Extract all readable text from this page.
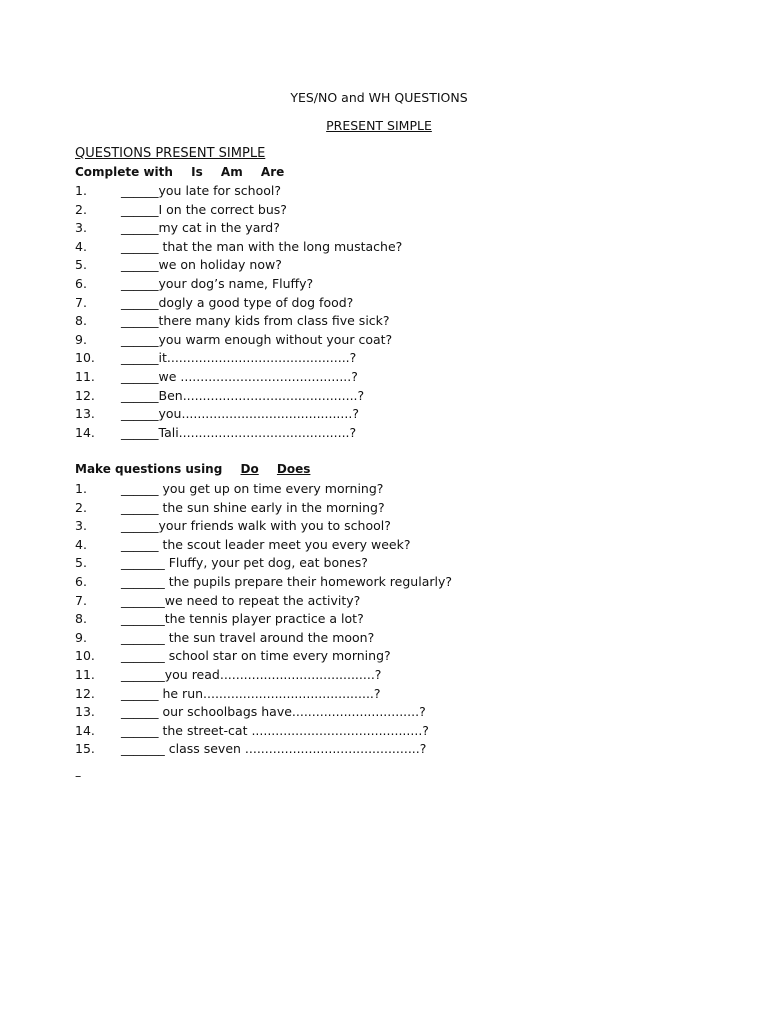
YES/NO and WH QUESTIONS
PRESENT SIMPLE
QUESTIONS PRESENT SIMPLE
Complete with Is Am Are
1.	______you late for school?
2.	______I on the correct bus?
3.	______my cat in the yard?
4.	______ that the man with the long mustache?
5.	______we on holiday now?
6.	______your dog’s name, Fluffy?
7.	______dogly a good type of dog food?
8.	______there many kids from class five sick?
9.	______you warm enough without your coat?
10. ______it..............................................?
11. ______we ...........................................?
12. ______Ben............................................?
13. ______you...........................................?
14. ______Tali...........................................?
Make questions using Do Does
1.	______ you get up on time every morning?
2.	______ the sun shine early in the morning?
3.	______your friends walk with you to school?
4.	______ the scout leader meet you every week?
5.	_______ Fluffy, your pet dog, eat bones?
6.	_______ the pupils prepare their homework regularly?
7.	_______we need to repeat the activity?
8.	_______the tennis player practice a lot?
9.	_______ the sun travel around the moon?
10. _______ school star on time every morning?
11. _______you read.......................................?
12. ______ he run...........................................?
13. ______ our schoolbags have................................?
14. ______ the street-cat ...........................................?
15. _______ class seven ............................................?
–
